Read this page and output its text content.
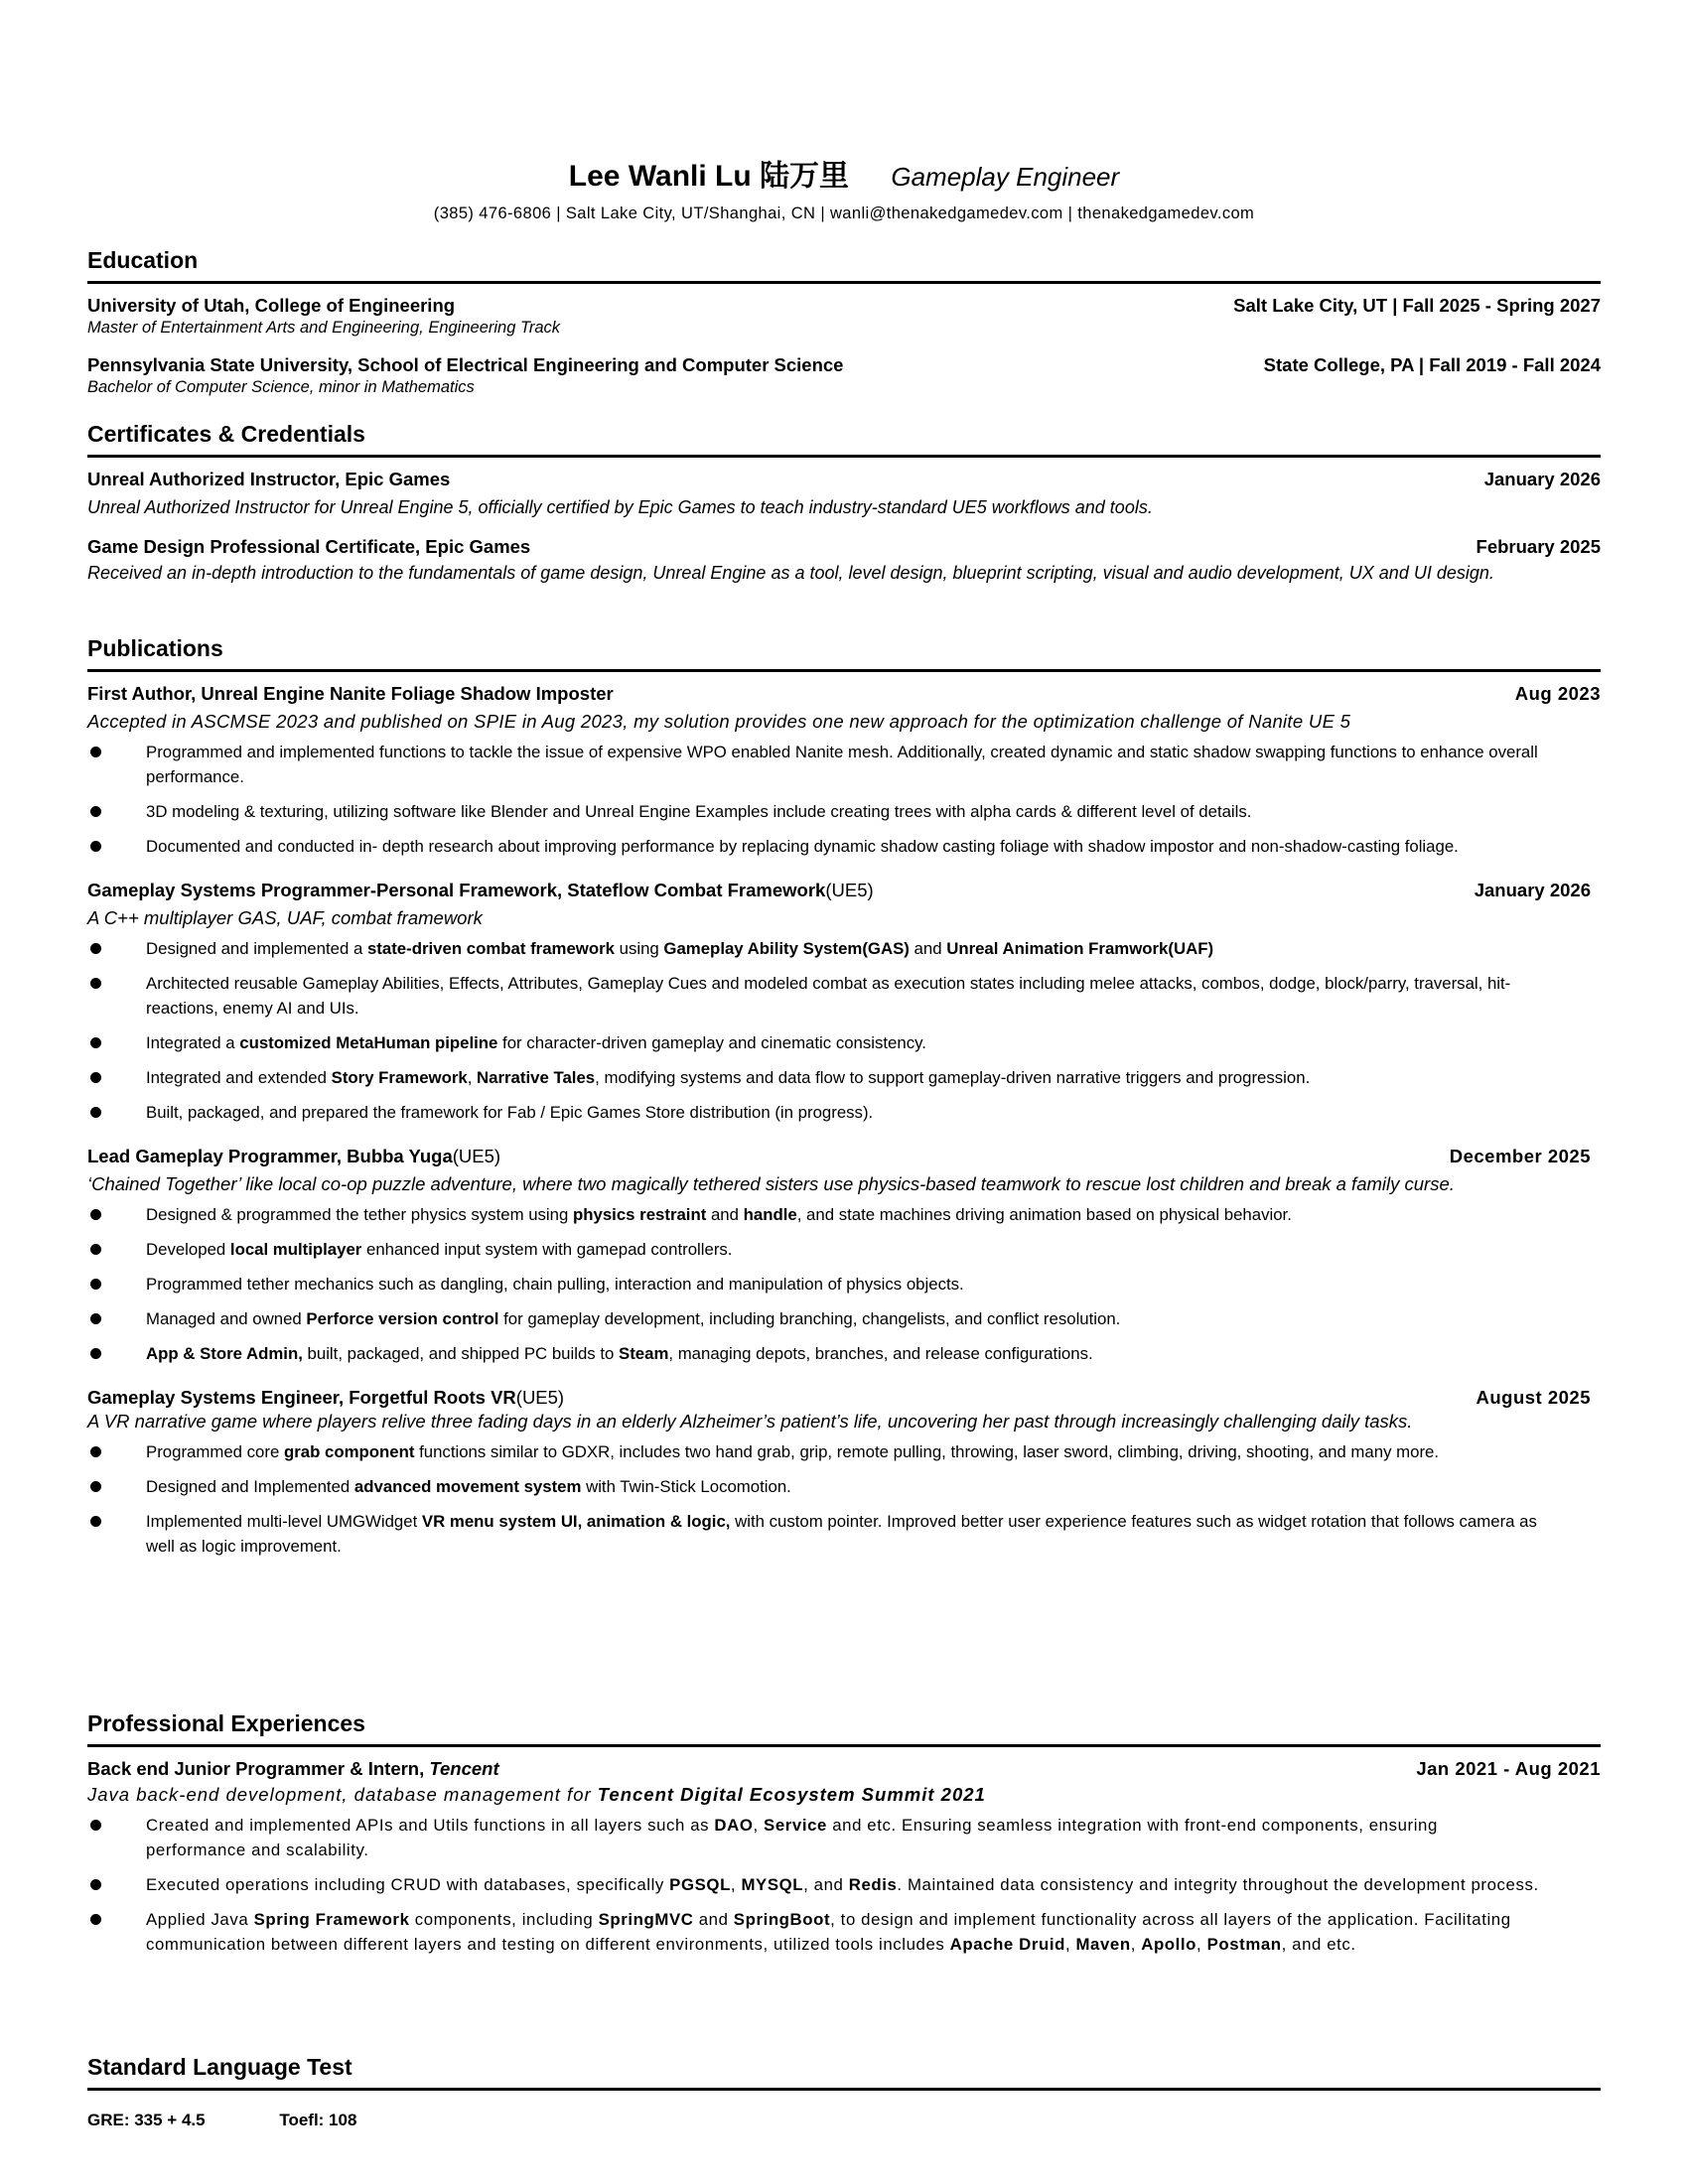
Lee Wanli Lu 陆万里 Gameplay Engineer
(385) 476-6806 | Salt Lake City, UT/Shanghai, CN | wanli@thenakedgamedev.com | thenakedgamedev.com
Education
University of Utah, College of Engineering	Salt Lake City, UT | Fall 2025 - Spring 2027
Master of Entertainment Arts and Engineering, Engineering Track
Pennsylvania State University, School of Electrical Engineering and Computer Science	State College, PA | Fall 2019 - Fall 2024
Bachelor of Computer Science, minor in Mathematics
Certificates & Credentials
Unreal Authorized Instructor, Epic Games	January 2026
Unreal Authorized Instructor for Unreal Engine 5, officially certified by Epic Games to teach industry-standard UE5 workflows and tools.
Game Design Professional Certificate, Epic Games	February 2025
Received an in-depth introduction to the fundamentals of game design, Unreal Engine as a tool, level design, blueprint scripting, visual and audio development, UX and UI design.
Publications
First Author, Unreal Engine Nanite Foliage Shadow Imposter	Aug 2023
Accepted in ASCMSE 2023 and published on SPIE in Aug 2023, my solution provides one new approach for the optimization challenge of Nanite UE 5
Programmed and implemented functions to tackle the issue of expensive WPO enabled Nanite mesh. Additionally, created dynamic and static shadow swapping functions to enhance overall performance.
3D modeling & texturing, utilizing software like Blender and Unreal Engine Examples include creating trees with alpha cards & different level of details.
Documented and conducted in- depth research about improving performance by replacing dynamic shadow casting foliage with shadow impostor and non-shadow-casting foliage.
Gameplay Systems Programmer-Personal Framework, Stateflow Combat Framework(UE5)	January 2026
A C++ multiplayer GAS, UAF, combat framework
Designed and implemented a state-driven combat framework using Gameplay Ability System(GAS) and Unreal Animation Framwork(UAF)
Architected reusable Gameplay Abilities, Effects, Attributes, Gameplay Cues and modeled combat as execution states including melee attacks, combos, dodge, block/parry, traversal, hit-reactions, enemy AI and UIs.
Integrated a customized MetaHuman pipeline for character-driven gameplay and cinematic consistency.
Integrated and extended Story Framework, Narrative Tales, modifying systems and data flow to support gameplay-driven narrative triggers and progression.
Built, packaged, and prepared the framework for Fab / Epic Games Store distribution (in progress).
Lead Gameplay Programmer, Bubba Yuga(UE5)	December 2025
‘Chained Together’ like local co-op puzzle adventure, where two magically tethered sisters use physics-based teamwork to rescue lost children and break a family curse.
Designed & programmed the tether physics system using physics restraint and handle, and state machines driving animation based on physical behavior.
Developed local multiplayer enhanced input system with gamepad controllers.
Programmed tether mechanics such as dangling, chain pulling, interaction and manipulation of physics objects.
Managed and owned Perforce version control for gameplay development, including branching, changelists, and conflict resolution.
App & Store Admin, built, packaged, and shipped PC builds to Steam, managing depots, branches, and release configurations.
Gameplay Systems Engineer, Forgetful Roots VR(UE5)	August 2025
A VR narrative game where players relive three fading days in an elderly Alzheimer’s patient’s life, uncovering her past through increasingly challenging daily tasks.
Programmed core grab component functions similar to GDXR, includes two hand grab, grip, remote pulling, throwing, laser sword, climbing, driving, shooting, and many more.
Designed and Implemented advanced movement system with Twin-Stick Locomotion.
Implemented multi-level UMGWidget VR menu system UI, animation & logic, with custom pointer. Improved better user experience features such as widget rotation that follows camera as well as logic improvement.
Professional Experiences
Back end Junior Programmer & Intern, Tencent	Jan 2021 - Aug 2021
Java back-end development, database management for Tencent Digital Ecosystem Summit 2021
Created and implemented APIs and Utils functions in all layers such as DAO, Service and etc. Ensuring seamless integration with front-end components, ensuring performance and scalability.
Executed operations including CRUD with databases, specifically PGSQL, MYSQL, and Redis. Maintained data consistency and integrity throughout the development process.
Applied Java Spring Framework components, including SpringMVC and SpringBoot, to design and implement functionality across all layers of the application. Facilitating communication between different layers and testing on different environments, utilized tools includes Apache Druid, Maven, Apollo, Postman, and etc.
Standard Language Test
GRE: 335 + 4.5	Toefl: 108
